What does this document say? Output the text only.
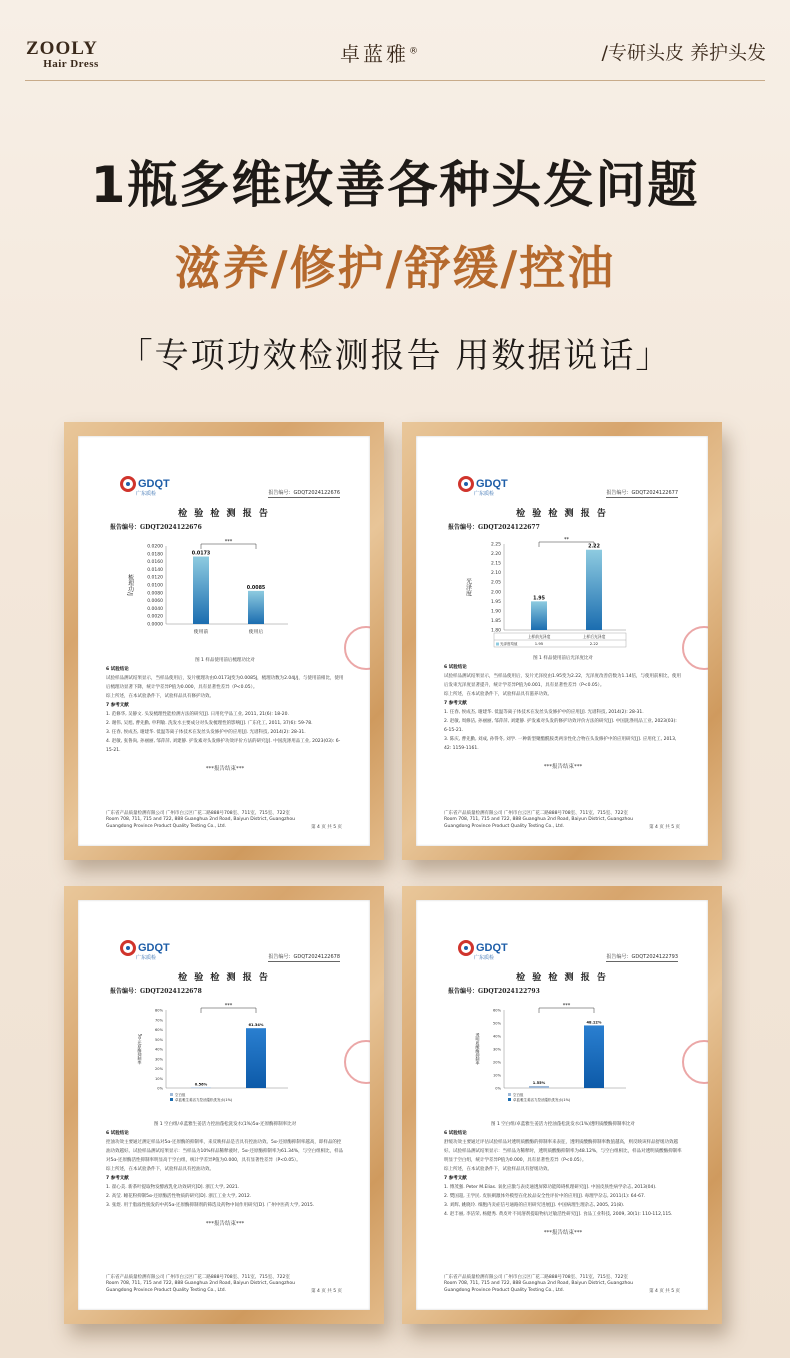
ZOOLY
Hair Dress	卓蓝雅®	/专研头皮 养护头发
1瓶多维改善各种头发问题
滋养/修护/舒缓/控油
「专项功效检测报告 用数据说话」
GDQT
广东质检	报告编号：GDQT2024122676
检 验 检 测 报 告
报告编号：GDQT2024122676
0.0200
0.0180
0.0160
0.0140
0.0120
0.0100
0.0080
0.0060
0.0040
0.0020
0.0000
梳理功/J
0.0173
使用前
0.0085
使用后
***
图 1 样品使用前后梳理功比对
6 试验结论
试验样品测试结果显示，当样品使用后，发片梳理功由0.0173J变为0.0085J，梳理功数为2.04J/J，与使用前相比，使用后梳理功显著下降，统计学差异P值为0.000，具有显著性差异（P<0.05）。
综上所述，在本试验条件下，试验样品具有修护功效。
7 参考文献
1. 范修华, 吴静文. 头发梳理性能检测方法的研究[J]. 日用化学品工业, 2011, 21(6): 18-20.
2. 谢伟, 吴旭, 曹先勤, 申利敏. 洗发水主要成分对头发梳理性的影响[J]. 广东化工, 2011, 37(6): 59-78.
3. 任春, 侯成杰, 谢建华. 低温等离子体技术在发丝头发修护中的应用[J]. 光谱科技, 2014(2): 28-31.
4. 赵敏, 张鲁尚, 孙丽丽, 邹萍萍, 刘建静. 护发素对头发修护功效评价方法的研究[J]. 中国洗涤用品工业, 2023(03): 6-15-21.
***报告结束***
广东省产品质量检测有限公司 广州市白云区广花二路888号708室、711室、715室、722室
Room 708, 711, 715 and 722, 888 Guanghua 2nd Road, Baiyun District, Guangzhou
Guangdong Province Product Quality Testing Co., Ltd.	第 4 页 共 5 页
GDQT
广东质检	报告编号：GDQT2024122677
检 验 检 测 报 告
报告编号：GDQT2024122677
2.25
2.20
2.15
2.10
2.05
2.00
1.95
1.90
1.85
1.80
光泽度
1.95
2.22
**
上样前光泽度
1.95
上样后光泽度
2.22
光泽度均值
图 1 样品使用前后光泽度比对
6 试验结论
试验样品测试结果显示，当样品使用后，发片光泽度由1.95变为2.22，光泽度改善倍数为1.14倍，与使用前相比，使用后发束光泽度显著提升，统计学差异P值为0.001，具有显著性差异（P<0.05）。
综上所述，在本试验条件下，试验样品具有滋养功效。
7 参考文献
1. 任春, 侯成杰, 谢建华. 低温等离子体技术在发丝头发修护中的应用[J]. 光谱科技, 2014(2): 28-31.
2. 赵敏, 周修洁, 孙丽丽, 邹萍萍, 刘建静. 护发素对头发的修护功效评价方法的研究[J]. 中国洗涤用品工业, 2023(03): 6-15-21.
3. 陈庆, 曹先勤, 刘成, 孙得冬, 刘学. 一种新型聚酯酰胺类两亲性化合物在头发修护中的应用研究[J]. 应用化工, 2013, 42: 1159-1161.
***报告结束***
广东省产品质量检测有限公司 广州市白云区广花二路888号708室、711室、715室、722室
Room 708, 711, 715 and 722, 888 Guanghua 2nd Road, Baiyun District, Guangzhou
Guangdong Province Product Quality Testing Co., Ltd.	第 4 页 共 5 页
GDQT
广东质检	报告编号：GDQT2024122678
检 验 检 测 报 告
报告编号：GDQT2024122678
80%
70%
60%
50%
40%
30%
20%
10%
0%
5α-还原酶抑制率
0.56%
61.34%
***
空白组
卓蓝雅生姜活力控油蓬松洗发水(1%)
图 1 空白组/卓蓝雅生姜活力控油蓬松洗发水(1%)5α-还原酶抑制率比对
6 试验结论
控油功效主要通过测定样品对5α-还原酶的抑制率，来反映样品是否具有控油功效。5α-还原酶抑制率越高，即样品的控油功效越好。试验样品测试结果显示：当样品为10%样品稀释液时，5α-还原酶抑制率为61.34%，与空白组相比，样品对5α-还原酶活性抑制率明显高于空白组，统计学差异P值为0.000，具有显著性差异（P<0.05）。
综上所述，在本试验条件下，试验样品具有控油功效。
7 参考文献
1. 翟心美. 新茶叶提取物发酵液乳化功效研究[D]. 浙江大学, 2021.
2. 高莹. 睡花粉抑制5α-还原酶活性物质的研究[D]. 浙江工业大学, 2012.
3. 张煜. 用于脂溢性脱发的中药5α-还原酶抑制剂的筛选及药物中间作用研究[D]. 广州中医药大学, 2015.
***报告结束***
广东省产品质量检测有限公司 广州市白云区广花二路888号708室、711室、715室、722室
Room 708, 711, 715 and 722, 888 Guanghua 2nd Road, Baiyun District, Guangzhou
Guangdong Province Product Quality Testing Co., Ltd.	第 4 页 共 5 页
GDQT
广东质检	报告编号：GDQT2024122793
检 验 检 测 报 告
报告编号：GDQT2024122793
60%
50%
40%
30%
20%
10%
0%
透明质酸酶抑制率
1.55%
48.12%
***
空白组
卓蓝雅生姜活力控油蓬松洗发水(1%)
图 1 空白组/卓蓝雅生姜活力控油蓬松洗发水(1%)透明质酸酶抑制率比对
6 试验结论
舒缓功效主要通过评估试验样品对透明质酸酶的抑制率来表征，透明质酸酶抑制率数值越高，则反映该样品舒缓功效越好。试验样品测试结果显示：当样品为稀释时，透明质酸酶抑制率为48.12%，与空白组相比，样品对透明质酸酶抑制率明显于空白组，统计学差异P值为0.000，具有显著性差异（P<0.05）。
综上所述，在本试验条件下，试验样品具有舒缓功效。
7 参考文献
1. 傅茂强. Peter M.Elias. 氧化应激与表皮通透屏障功能障碍机理研究[J]. 中国皮肤性病学杂志, 2013(04).
2. 樊国超, 王学民. 皮肤刺激体外模型在化妆品安全性评价中的应用[J]. 毒理学杂志, 2011(1): 64-67.
3. 刘辉, 姚晓玲. 细胞内炎症信号通路的应用研究进展[J]. 中国病理生理杂志, 2005, 21(8).
4. 赵丰丽, 李洁荣, 杨健秀. 黄皮叶不同溶剂提取物抗过敏活性研究[J]. 食品工业科技, 2009, 30(1): 110-112,115.
***报告结束***
广东省产品质量检测有限公司 广州市白云区广花二路888号708室、711室、715室、722室
Room 708, 711, 715 and 722, 888 Guanghua 2nd Road, Baiyun District, Guangzhou
Guangdong Province Product Quality Testing Co., Ltd.	第 4 页 共 5 页
